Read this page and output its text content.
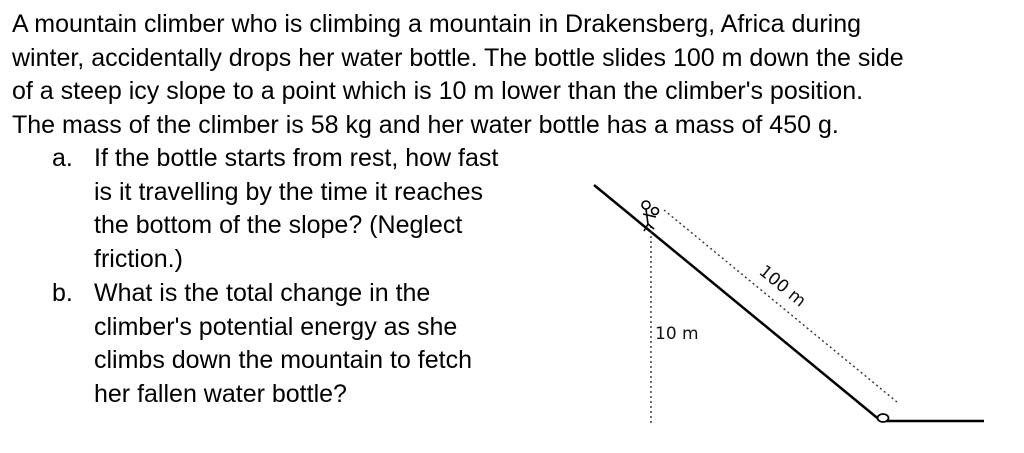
A mountain climber who is climbing a mountain in Drakensberg, Africa during
winter, accidentally drops her water bottle. The bottle slides 100 m down the side
of a steep icy slope to a point which is 10 m lower than the climber's position.
The mass of the climber is 58 kg and her water bottle has a mass of 450 g.
a. If the bottle starts from rest, how fast
is it travelling by the time it reaches
the bottom of the slope? (Neglect
friction.)
b. What is the total change in the
climber's potential energy as she
climbs down the mountain to fetch
her fallen water bottle?
10 m
100 m
